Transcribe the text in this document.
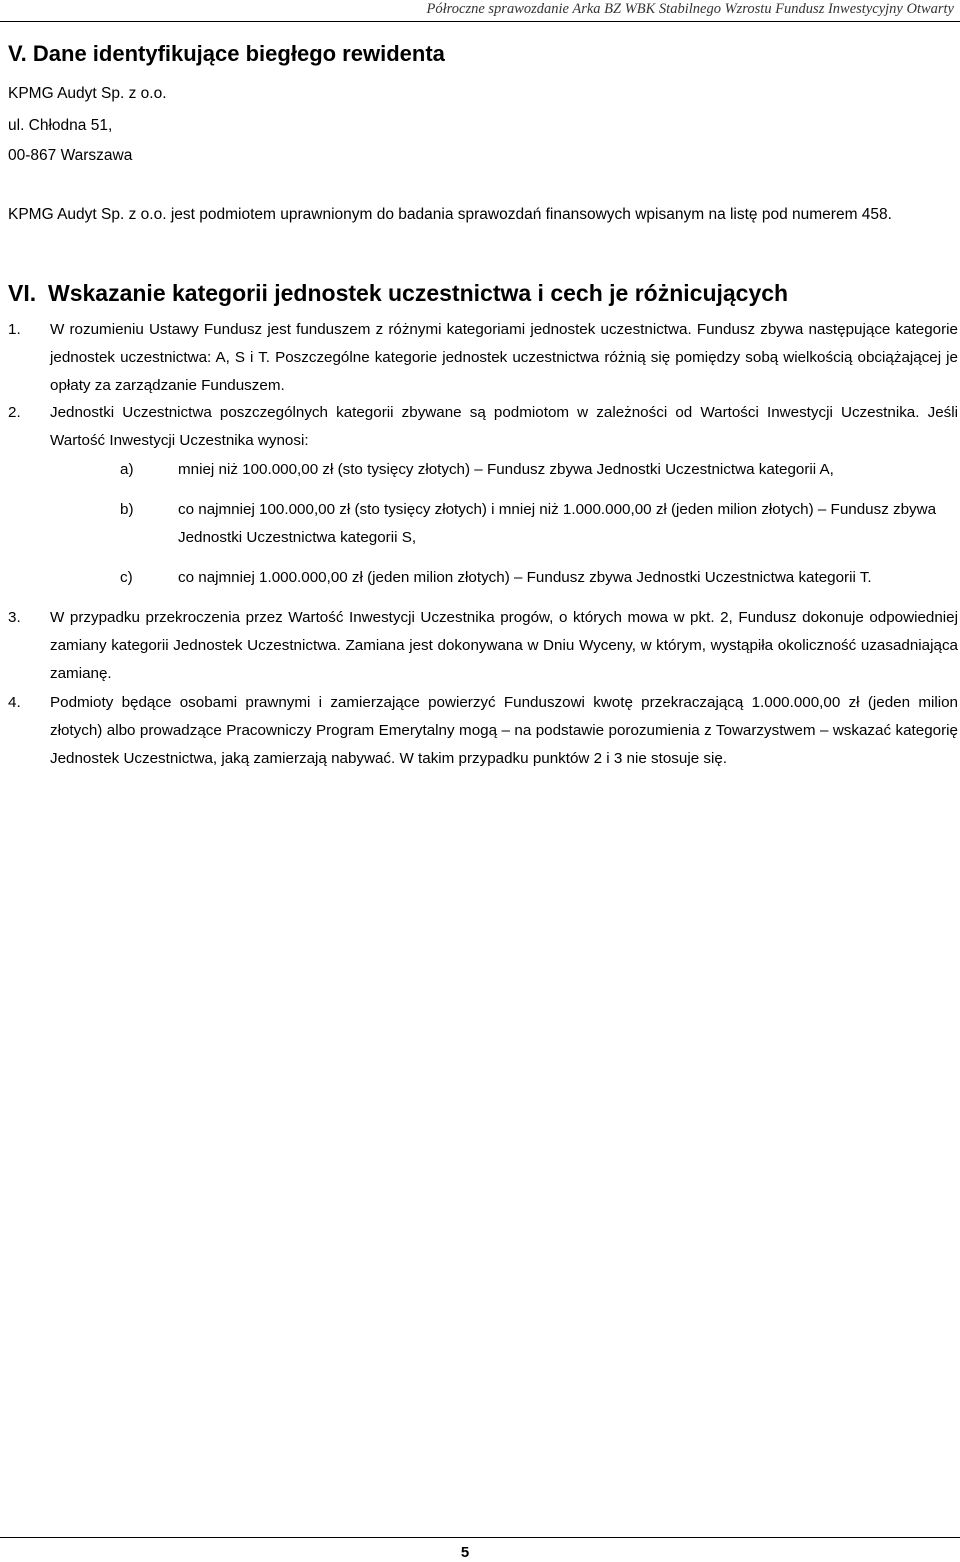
Półroczne sprawozdanie Arka BZ WBK Stabilnego Wzrostu Fundusz Inwestycyjny Otwarty
V. Dane identyfikujące biegłego rewidenta
KPMG Audyt Sp. z o.o.
ul. Chłodna 51,
00-867 Warszawa
KPMG Audyt Sp. z o.o. jest podmiotem uprawnionym do badania sprawozdań finansowych wpisanym na listę pod numerem 458.
VI. Wskazanie kategorii jednostek uczestnictwa i cech je różnicujących
1. W rozumieniu Ustawy Fundusz jest funduszem z różnymi kategoriami jednostek uczestnictwa. Fundusz zbywa następujące kategorie jednostek uczestnictwa: A, S i T. Poszczególne kategorie jednostek uczestnictwa różnią się pomiędzy sobą wielkością obciążającej je opłaty za zarządzanie Funduszem.
2. Jednostki Uczestnictwa poszczególnych kategorii zbywane są podmiotom w zależności od Wartości Inwestycji Uczestnika. Jeśli Wartość Inwestycji Uczestnika wynosi:
a)	mniej niż 100.000,00 zł (sto tysięcy złotych) – Fundusz zbywa Jednostki Uczestnictwa kategorii A,
b)	co najmniej 100.000,00 zł (sto tysięcy złotych) i mniej niż 1.000.000,00 zł (jeden milion złotych) – Fundusz zbywa Jednostki Uczestnictwa kategorii S,
c)	co najmniej 1.000.000,00 zł (jeden milion złotych) – Fundusz zbywa Jednostki Uczestnictwa kategorii T.
3. W przypadku przekroczenia przez Wartość Inwestycji Uczestnika progów, o których mowa w pkt. 2, Fundusz dokonuje odpowiedniej zamiany kategorii Jednostek Uczestnictwa. Zamiana jest dokonywana w Dniu Wyceny, w którym, wystąpiła okoliczność uzasadniająca zamianę.
4. Podmioty będące osobami prawnymi i zamierzające powierzyć Funduszowi kwotę przekraczającą 1.000.000,00 zł (jeden milion złotych) albo prowadzące Pracowniczy Program Emerytalny mogą – na podstawie porozumienia z Towarzystwem – wskazać kategorię Jednostek Uczestnictwa, jaką zamierzają nabywać. W takim przypadku punktów 2 i 3 nie stosuje się.
5
